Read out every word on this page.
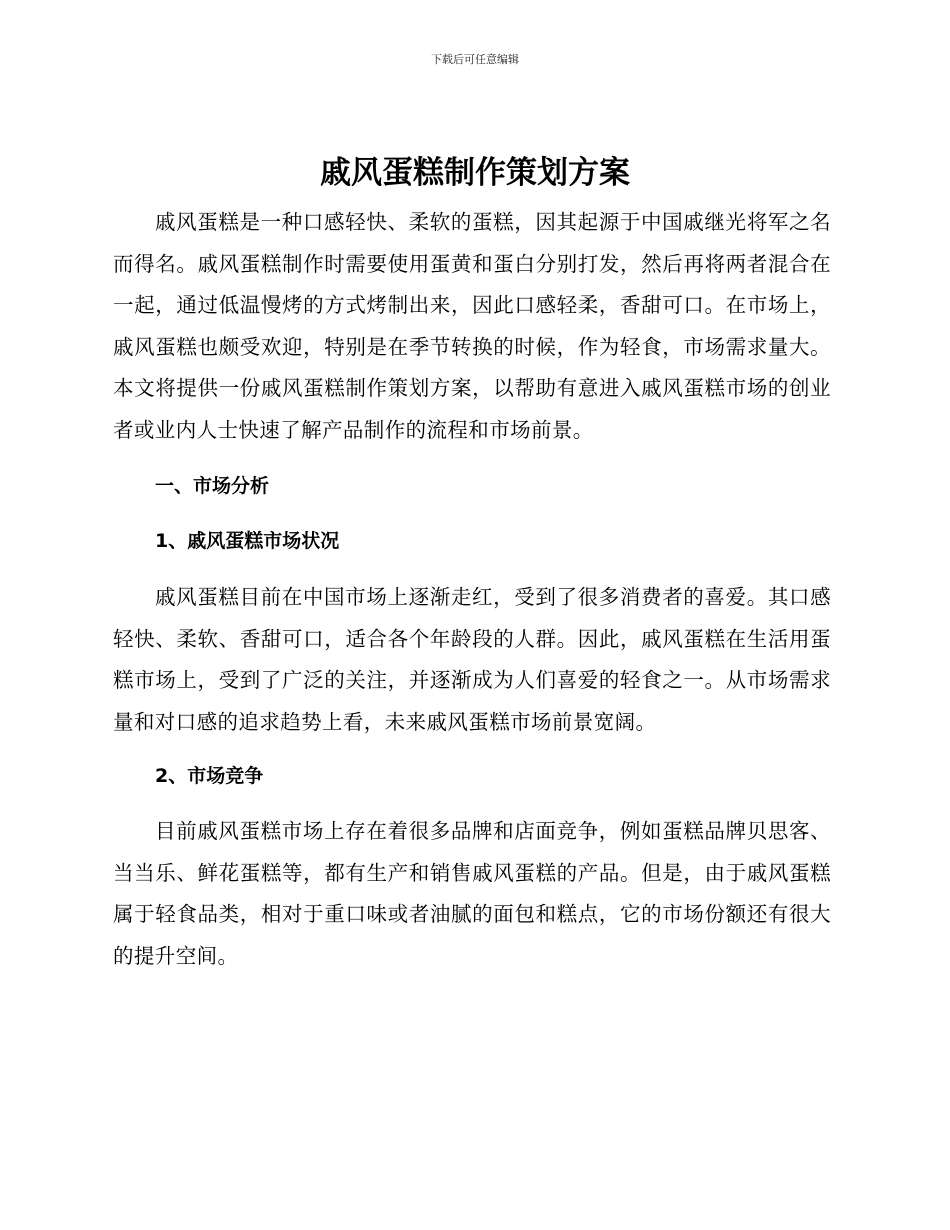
下载后可任意编辑
戚风蛋糕制作策划方案

戚风蛋糕是一种口感轻快、柔软的蛋糕，因其起源于中国戚继光将军之名而得名。戚风蛋糕制作时需要使用蛋黄和蛋白分别打发，然后再将两者混合在一起，通过低温慢烤的方式烤制出来，因此口感轻柔，香甜可口。在市场上，戚风蛋糕也颇受欢迎，特别是在季节转换的时候，作为轻食，市场需求量大。本文将提供一份戚风蛋糕制作策划方案，以帮助有意进入戚风蛋糕市场的创业者或业内人士快速了解产品制作的流程和市场前景。

一、市场分析
1、戚风蛋糕市场状况

戚风蛋糕目前在中国市场上逐渐走红，受到了很多消费者的喜爱。其口感轻快、柔软、香甜可口，适合各个年龄段的人群。因此，戚风蛋糕在生活用蛋糕市场上，受到了广泛的关注，并逐渐成为人们喜爱的轻食之一。从市场需求量和对口感的追求趋势上看，未来戚风蛋糕市场前景宽阔。

2、市场竞争

目前戚风蛋糕市场上存在着很多品牌和店面竞争，例如蛋糕品牌贝思客、当当乐、鲜花蛋糕等，都有生产和销售戚风蛋糕的产品。但是，由于戚风蛋糕属于轻食品类，相对于重口味或者油腻的面包和糕点，它的市场份额还有很大的提升空间。
